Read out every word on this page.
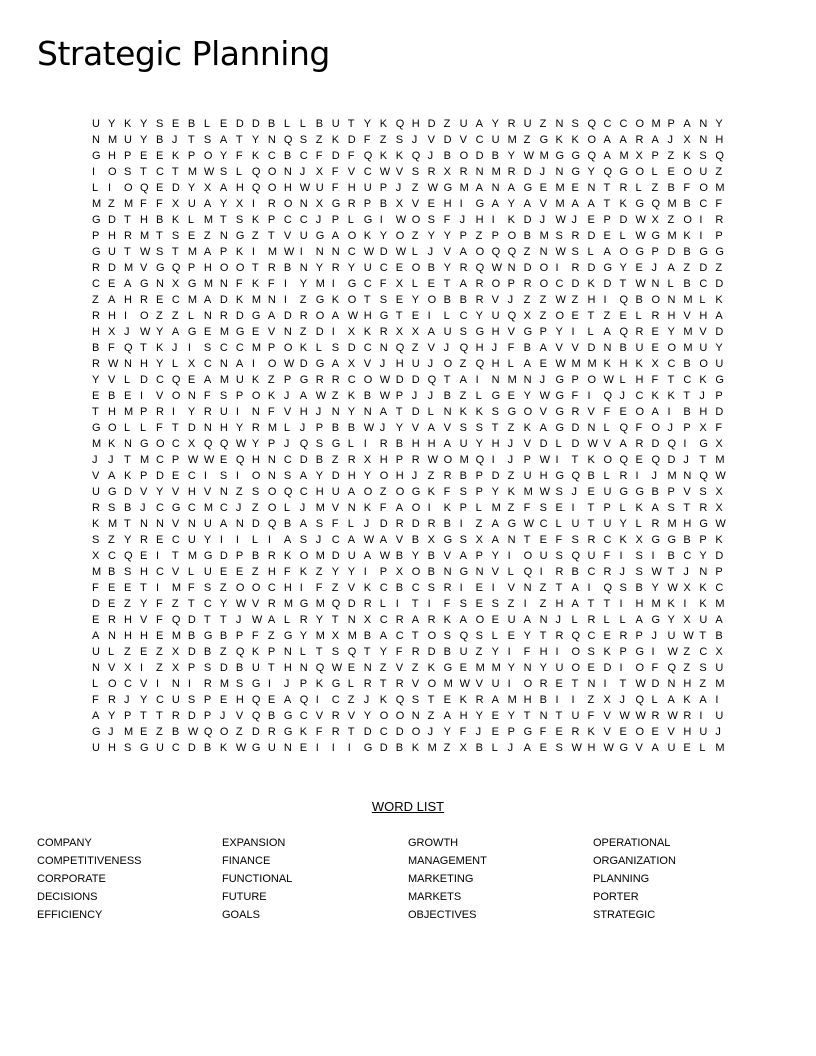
Strategic Planning
U Y K Y S E B L E D D B L L B U T Y K Q H D Z U A Y R U Z N S Q C C O M P A N Y
N M U Y B J T S A T Y N Q S Z K D F Z S J V D V C U M Z G K K O A A R A J X N H
G H P E E K P O Y F K C B C F D F Q K K Q J B O D B Y W M G G Q A M X P Z K S Q
I O S T C T M W S L Q O N J X F V C W V S R X R N M R D J N G Y Q G O L E O U Z
L I O Q E D Y X A H Q O H W U F H U P J Z W G M A N A G E M E N T R L Z B F O M
M Z M F F X U A Y X I R O N X G R P B X V E H I G A Y A V M A A T K G Q M B C F
G D T H B K L M T S K P C C J P L G I W O S F J H I K D J W J E P D W X Z O I R
P H R M T S E Z N G Z T V U G A O K Y O Z Y Y P Z P O B M S R D E L W G M K I P
G U T W S T M A P K I M W I N N C W D W L J V A O Q Q Z N W S L A O G P D B G G
R D M V G Q P H O O T R B N Y R Y U C E O B Y R Q W N D O I R D G Y E J A Z D Z
C E A G N X G M N F K F I Y M I G C F X L E T A R O P R O C D K D T W N L B C D
Z A H R E C M A D K M N I Z G K O T S E Y O B B R V J Z Z W Z H I Q B O N M L K
R H I O Z Z L N R D G A D R O A W H G T E I L C Y U Q X Z O E T Z E L R H V H A
H X J W Y A G E M G E V N Z D I X K R X X A U S G H V G P Y I L A Q R E Y M V D
B F Q T K J I S C C M P O K L S D C N Q Z V J Q H J F B A V V D N B U E O M U Y
R W N H Y L X C N A I O W D G A X V J H U J O Z Q H L A E W M M K H K X C B O U
Y V L D C Q E A M U K Z P G R R C O W D D Q T A I N M N J G P O W L H F T C K G
E B E I V O N F S P O K J A W Z K B W P J J B Z L G E Y W G F I Q J C K K T J P
T H M P R I Y R U I N F V H J N Y N A T D L N K K S G O V G R V F E O A I B H D
G O L L F T D N H Y R M L J P B B W J Y V A V S S T Z K A G D N L Q F O J P X F
M K N G O C X Q Q W Y P J Q S G L I R B H H A U Y H J V D L D W V A R D Q I G X
J J T M C P W W E Q H N C D B Z R X H P R W O M Q I J P W I T K O Q E Q D J T M
V A K P D E C I S I O N S A Y D H Y O H J Z R B P D Z U H G Q B L R I J M N Q W
U G D V Y V H V N Z S O Q C H U A O Z O G K F S P Y K M W S J E U G G B P V S X
R S B J C G C M C J Z O L J M V N K F A O I K P L M Z F S E I T P L K A S T R X
K M T N N V N U A N D Q B A S F L J D R D R B I Z A G W C L U T U Y L R M H G W
S Z Y R E C U Y I I L I A S J C A W A V B X G S X A N T E F S R C K X G G B P K
X C Q E I T M G D P B R K O M D U A W B Y B V A P Y I O U S Q U F I S I B C Y D
M B S H C V L U E E Z H F K Z Y Y I P X O B N G N V L Q I R B C R J S W T J N P
F E E T I M F S Z O O C H I F Z V K C B C S R I E I V N Z T A I Q S B Y W X K C
D E Z Y F Z T C Y W V R M G M Q D R L I T I F S E S Z I Z H A T T I H M K I K M
E R H V F Q D T T J W A L R Y T N X C R A R K A O E U A N J L R L L A G Y X U A
A N H H E M B G B P F Z G Y M X M B A C T O S Q S L E Y T R Q C E R P J U W T B
U L Z E Z X D B Z Q K P N L T S Q T Y F R D B U Z Y I F H I O S K P G I W Z C X
N V X I Z X P S D B U T H N Q W E N Z V Z K G E M M Y N Y U O E D I O F Q Z S U
L O C V I N I R M S G I J P K G L R T R V O M W V U I O R E T N I T W D N H Z M
F R J Y C U S P E H Q E A Q I C Z J K Q S T E K R A M H B I I Z X J Q L A K A I
A Y P T T R D P J V Q B G C V R V Y O O N Z A H Y E Y T N T U F V W W R W R I U
G J M E Z B W Q O Z D R G K F R T D C D O J Y F J E P G F E R K V E O E V H U J
U H S G U C D B K W G U N E I I I G D B K M Z X B L J A E S W H W G V A U E L M
WORD LIST
COMPANY
COMPETITIVENESS
CORPORATE
DECISIONS
EFFICIENCY
EXPANSION
FINANCE
FUNCTIONAL
FUTURE
GOALS
GROWTH
MANAGEMENT
MARKETING
MARKETS
OBJECTIVES
OPERATIONAL
ORGANIZATION
PLANNING
PORTER
STRATEGIC
